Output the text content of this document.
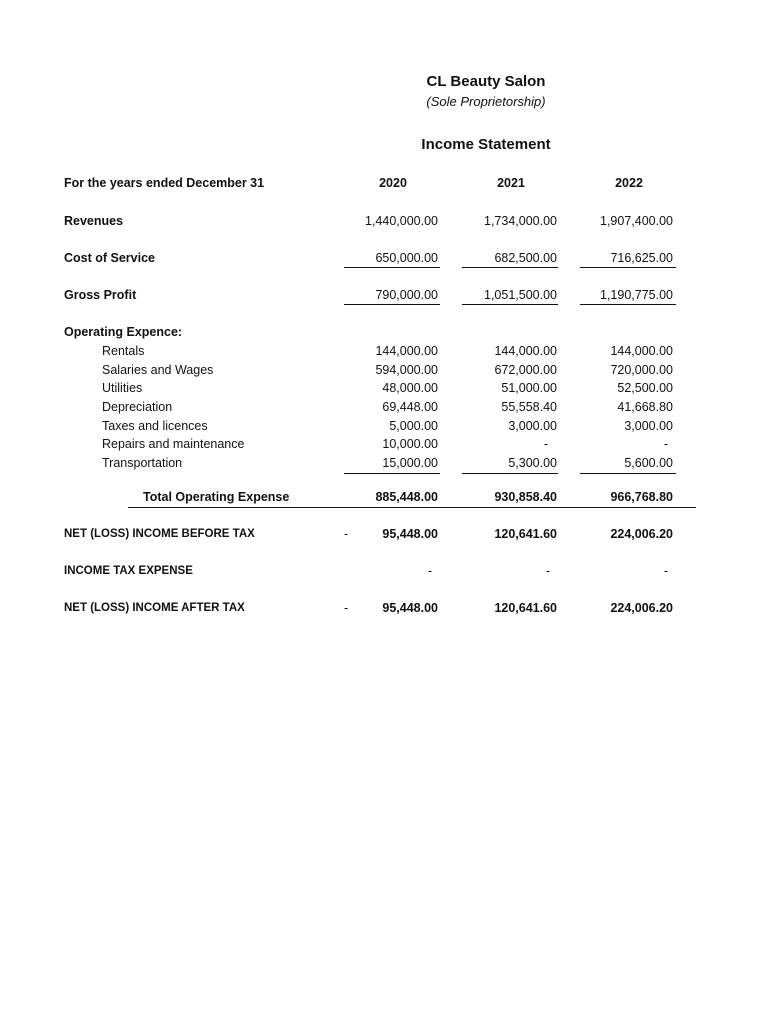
CL Beauty Salon
(Sole Proprietorship)
Income Statement
For the years ended December 31	2020	2021	2022
Revenues	1,440,000.00	1,734,000.00	1,907,400.00
Cost of Service	650,000.00	682,500.00	716,625.00
Gross Profit	790,000.00	1,051,500.00	1,190,775.00
Operating Expence:
Rentals	144,000.00	144,000.00	144,000.00
Salaries and Wages	594,000.00	672,000.00	720,000.00
Utilities	48,000.00	51,000.00	52,500.00
Depreciation	69,448.00	55,558.40	41,668.80
Taxes and licences	5,000.00	3,000.00	3,000.00
Repairs and maintenance	10,000.00	-	-
Transportation	15,000.00	5,300.00	5,600.00
Total Operating Expense	885,448.00	930,858.40	966,768.80
NET (LOSS) INCOME BEFORE TAX	-	95,448.00	120,641.60	224,006.20
INCOME TAX EXPENSE	-	-	-
NET (LOSS) INCOME AFTER TAX	-	95,448.00	120,641.60	224,006.20
